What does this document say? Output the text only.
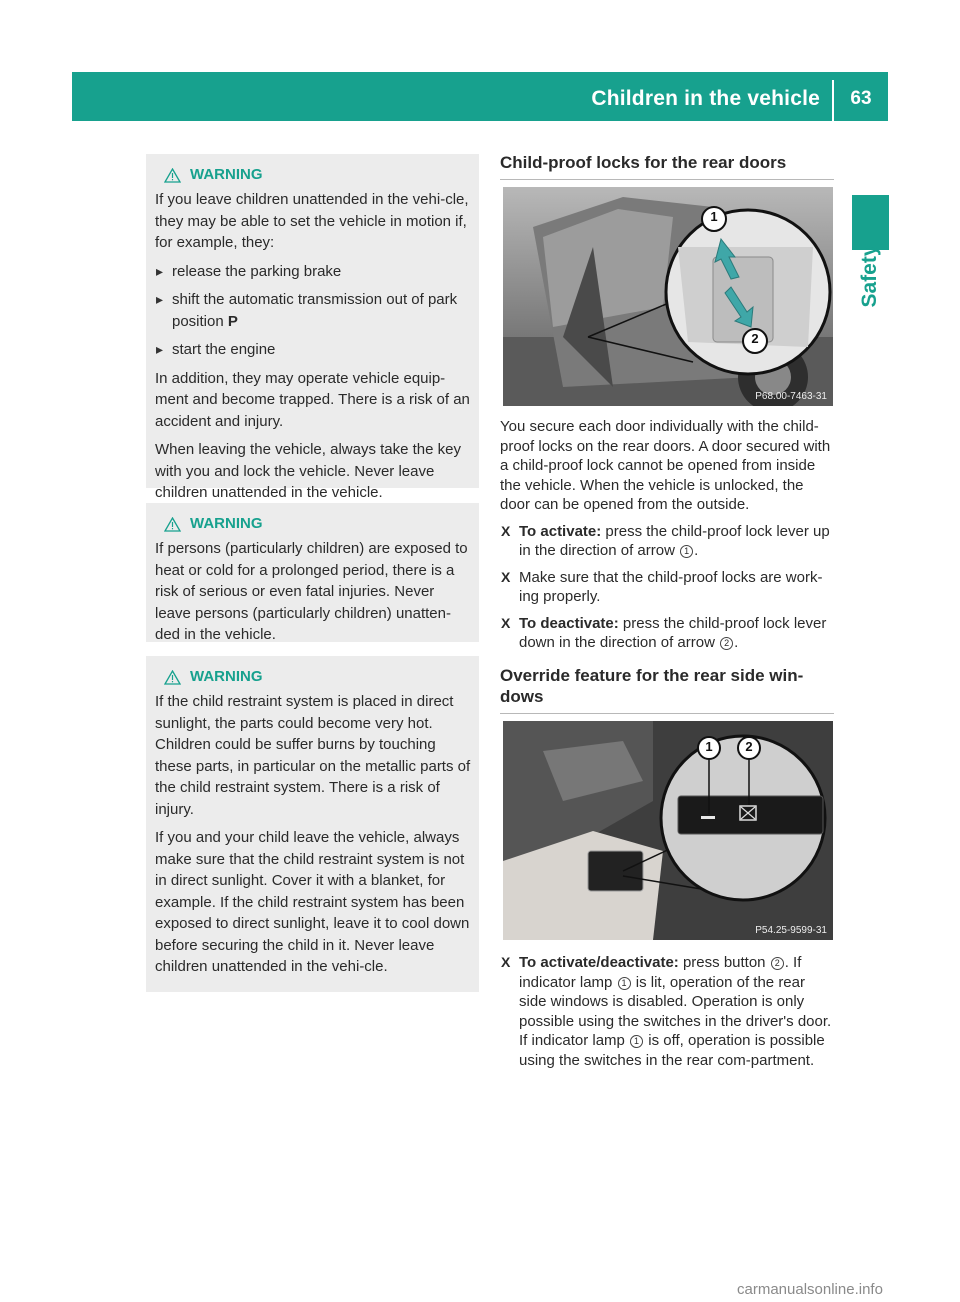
Children in the vehicle	63
Safety
WARNING

If you leave children unattended in the vehi-cle, they may be able to set the vehicle in motion if, for example, they:

▸ release the parking brake
▸ shift the automatic transmission out of park position P
▸ start the engine

In addition, they may operate vehicle equip-ment and become trapped. There is a risk of an accident and injury.

When leaving the vehicle, always take the key with you and lock the vehicle. Never leave children unattended in the vehicle.

WARNING

If persons (particularly children) are exposed to heat or cold for a prolonged period, there is a risk of serious or even fatal injuries. Never leave persons (particularly children) unatten-ded in the vehicle.

WARNING

If the child restraint system is placed in direct sunlight, the parts could become very hot. Children could be suffer burns by touching these parts, in particular on the metallic parts of the child restraint system. There is a risk of injury.

If you and your child leave the vehicle, always make sure that the child restraint system is not in direct sunlight. Cover it with a blanket, for example. If the child restraint system has been exposed to direct sunlight, leave it to cool down before securing the child in it. Never leave children unattended in the vehi-cle.

Child-proof locks for the rear doors
1
2
P68.00-7463-31

You secure each door individually with the child-proof locks on the rear doors. A door secured with a child-proof lock cannot be opened from inside the vehicle. When the vehicle is unlocked, the door can be opened from the outside.

X To activate: press the child-proof lock lever up in the direction of arrow 1 .
X Make sure that the child-proof locks are work-ing properly.
X To deactivate: press the child-proof lock lever down in the direction of arrow 2 .
Override feature for the rear side win-dows
1	2
P54.25-9599-31
X To activate/deactivate: press button 2 . If indicator lamp 1 is lit, operation of the rear side windows is disabled. Operation is only possible using the switches in the driver's door. If indicator lamp 1 is off, operation is possible using the switches in the rear com-partment.
carmanualsonline.info
